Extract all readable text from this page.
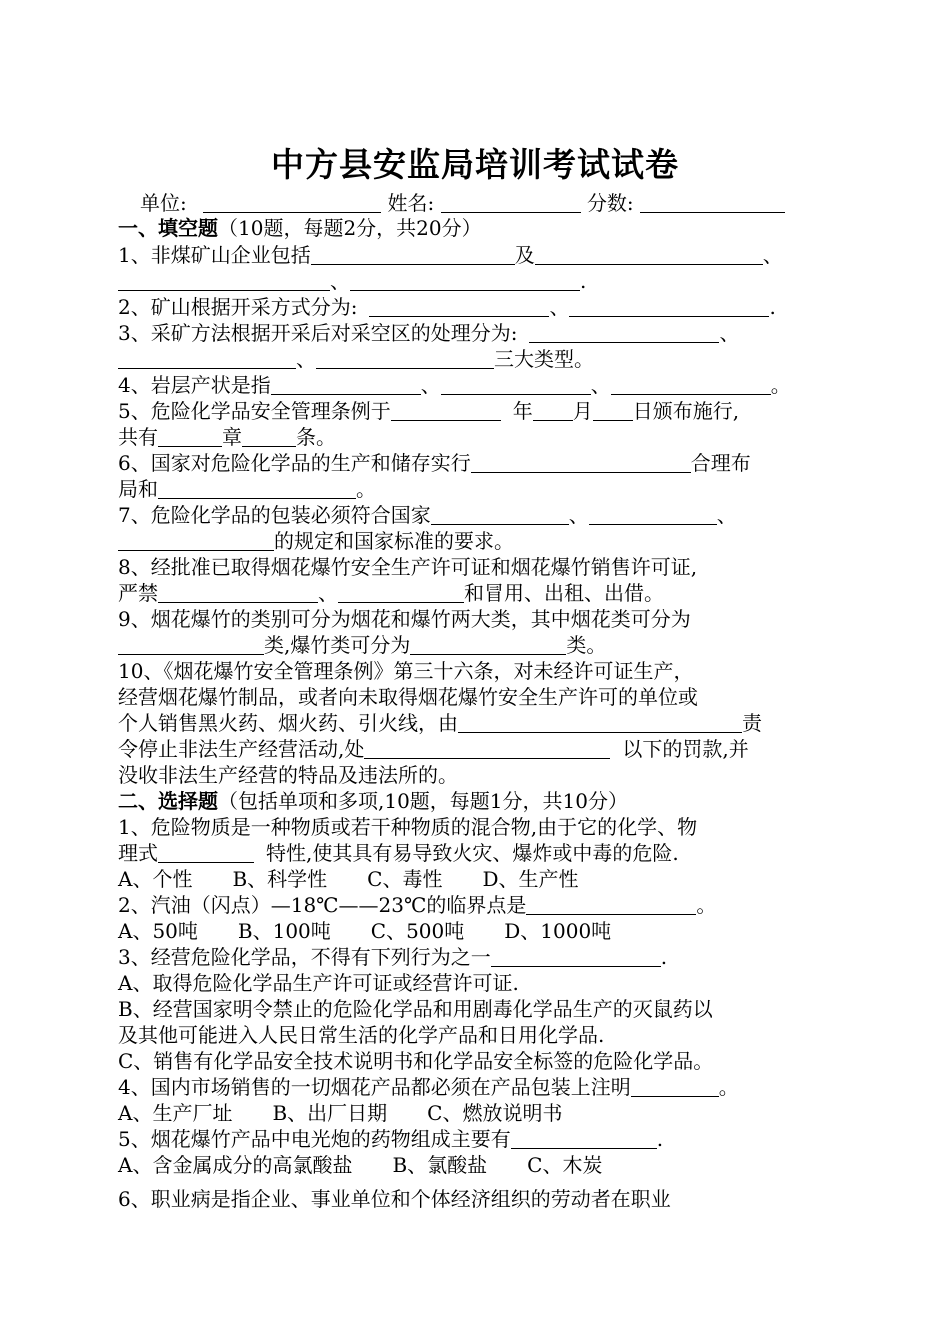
中方县安监局培训考试试卷
单位:	姓名:	分数:
一、填空题（10题，每题2分，共20分）
1、非煤矿山企业包括	及	、
、	.
2、矿山根据开采方式分为:	、	.
3、采矿方法根据开采后对采空区的处理分为:	、
、	三大类型。
4、岩层产状是指	、	、	。
5、危险化学品安全管理条例于	年 月 日颁布施行,
共有	章	条。
6、国家对危险化学品的生产和储存实行	合理布
局和	。
7、危险化学品的包装必须符合国家	、	、
的规定和国家标准的要求。
8、经批准已取得烟花爆竹安全生产许可证和烟花爆竹销售许可证,
严禁	、	和冒用、出租、出借。
9、烟花爆竹的类别可分为烟花和爆竹两大类，其中烟花类可分为
类,爆竹类可分为	类。
10、《烟花爆竹安全管理条例》第三十六条，对未经许可证生产，
经营烟花爆竹制品，或者向未取得烟花爆竹安全生产许可的单位或
个人销售黑火药、烟火药、引火线，由	责
令停止非法生产经营活动,处	以下的罚款,并
没收非法生产经营的特品及违法所的。
二、选择题（包括单项和多项,10题，每题1分，共10分）
1、危险物质是一种物质或若干种物质的混合物,由于它的化学、物
理式	特性,使其具有易导致火灾、爆炸或中毒的危险.
A、个性　　B、科学性　　C、毒性　　D、生产性
2、汽油（闪点）—18℃——23℃的临界点是	。
A、50吨　　B、100吨　　C、500吨　　D、1000吨
3、经营危险化学品，不得有下列行为之一	.
A、取得危险化学品生产许可证或经营许可证.
B、经营国家明令禁止的危险化学品和用剧毒化学品生产的灭鼠药以
及其他可能进入人民日常生活的化学产品和日用化学品.
C、销售有化学品安全技术说明书和化学品安全标签的危险化学品。
4、国内市场销售的一切烟花产品都必须在产品包装上注明	。
A、生产厂址　　B、出厂日期　　C、燃放说明书
5、烟花爆竹产品中电光炮的药物组成主要有	.
A、含金属成分的高氯酸盐　　B、氯酸盐　　C、木炭
6、职业病是指企业、事业单位和个体经济组织的劳动者在职业
